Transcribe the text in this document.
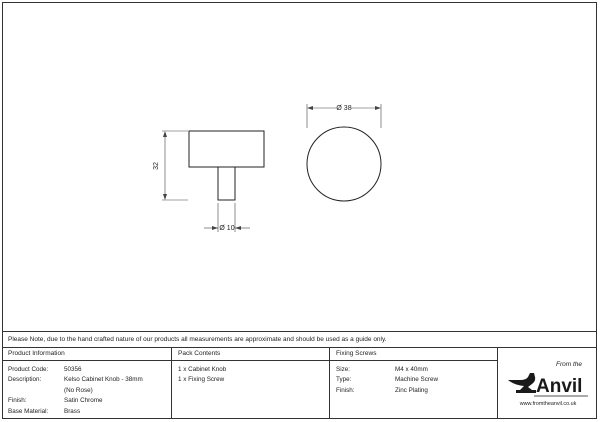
32
Ø 10
Ø 38
Please Note, due to the hand crafted nature of our products all measurements are approximate and should be used as a guide only.
Product Information
Product Code:	50356
Description:	Kelso Cabinet Knob - 38mm
(No Rose)
Finish:	Satin Chrome
Base Material:	Brass
Pack Contents
1 x Cabinet Knob
1 x Fixing Screw
Fixing Screws
Size:	M4 x 40mm
Type:	Machine Screw
Finish:	Zinc Plating
From the
Anvil
www.fromtheanvil.co.uk
